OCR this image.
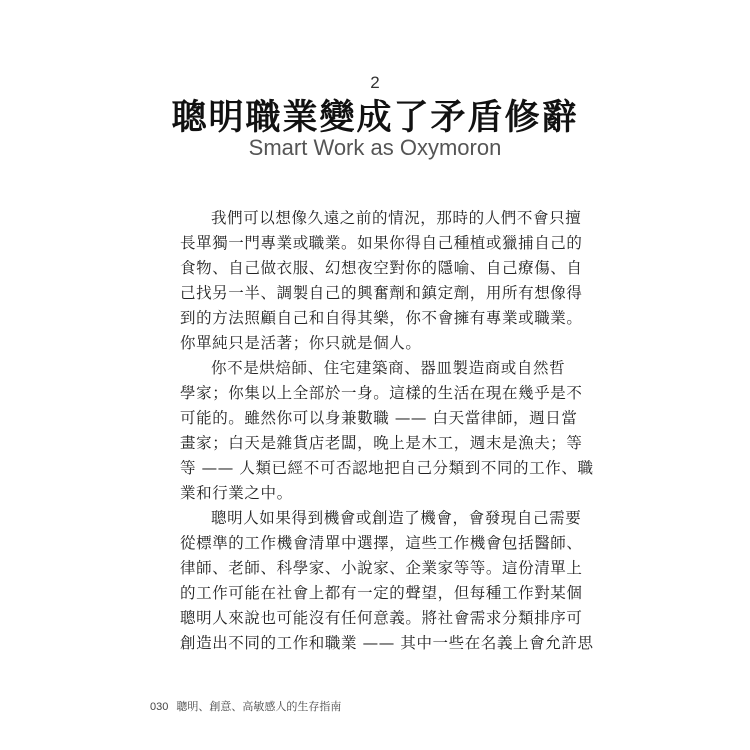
2
聰明職業變成了矛盾修辭
Smart Work as Oxymoron
我們可以想像久遠之前的情況，那時的人們不會只擅
長單獨一門專業或職業。如果你得自己種植或獵捕自己的
食物、自己做衣服、幻想夜空對你的隱喻、自己療傷、自
己找另一半、調製自己的興奮劑和鎮定劑，用所有想像得
到的方法照顧自己和自得其樂，你不會擁有專業或職業。
你單純只是活著；你只就是個人。
你不是烘焙師、住宅建築商、器皿製造商或自然哲
學家；你集以上全部於一身。這樣的生活在現在幾乎是不
可能的。雖然你可以身兼數職 —— 白天當律師，週日當
畫家；白天是雜貨店老闆，晚上是木工，週末是漁夫；等
等 —— 人類已經不可否認地把自己分類到不同的工作、職
業和行業之中。
聰明人如果得到機會或創造了機會，會發現自己需要
從標準的工作機會清單中選擇，這些工作機會包括醫師、
律師、老師、科學家、小說家、企業家等等。這份清單上
的工作可能在社會上都有一定的聲望，但每種工作對某個
聰明人來說也可能沒有任何意義。將社會需求分類排序可
創造出不同的工作和職業 —— 其中一些在名義上會允許思
030 聰明、創意、高敏感人的生存指南
